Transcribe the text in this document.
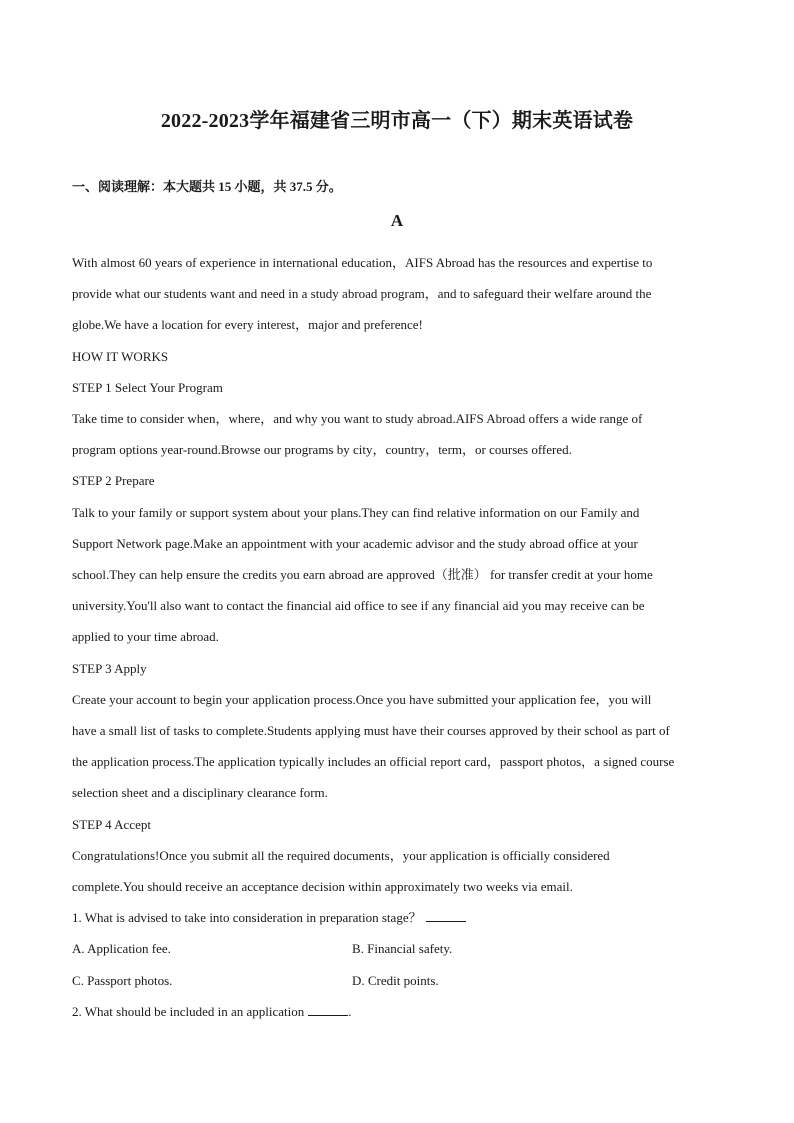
2022-2023学年福建省三明市高一（下）期末英语试卷
一、阅读理解：本大题共 15 小题，共 37.5 分。
A

With almost 60 years of experience in international education，AIFS Abroad has the resources and expertise to

provide what our students want and need in a study abroad program，and to safeguard their welfare around the

globe.We have a location for every interest，major and preference!

HOW IT WORKS

STEP 1 Select Your Program

Take time to consider when，where，and why you want to study abroad.AIFS Abroad offers a wide range of

program options year-round.Browse our programs by city，country，term，or courses offered.

STEP 2 Prepare

Talk to your family or support system about your plans.They can find relative information on our Family and

Support Network page.Make an appointment with your academic advisor and the study abroad office at your

school.They can help ensure the credits you earn abroad are approved（批准） for transfer credit at your home

university.You'll also want to contact the financial aid office to see if any financial aid you may receive can be

applied to your time abroad.

STEP 3 Apply

Create your account to begin your application process.Once you have submitted your application fee，you will

have a small list of tasks to complete.Students applying must have their courses approved by their school as part of

the application process.The application typically includes an official report card，passport photos，a signed course

selection sheet and a disciplinary clearance form.

STEP 4 Accept

Congratulations!Once you submit all the required documents，your application is officially considered

complete.You should receive an acceptance decision within approximately two weeks via email.

1. What is advised to take into consideration in preparation stage？

A. Application fee.	B. Financial safety.
C. Passport photos.	D. Credit points.

2. What should be included in an application	.
